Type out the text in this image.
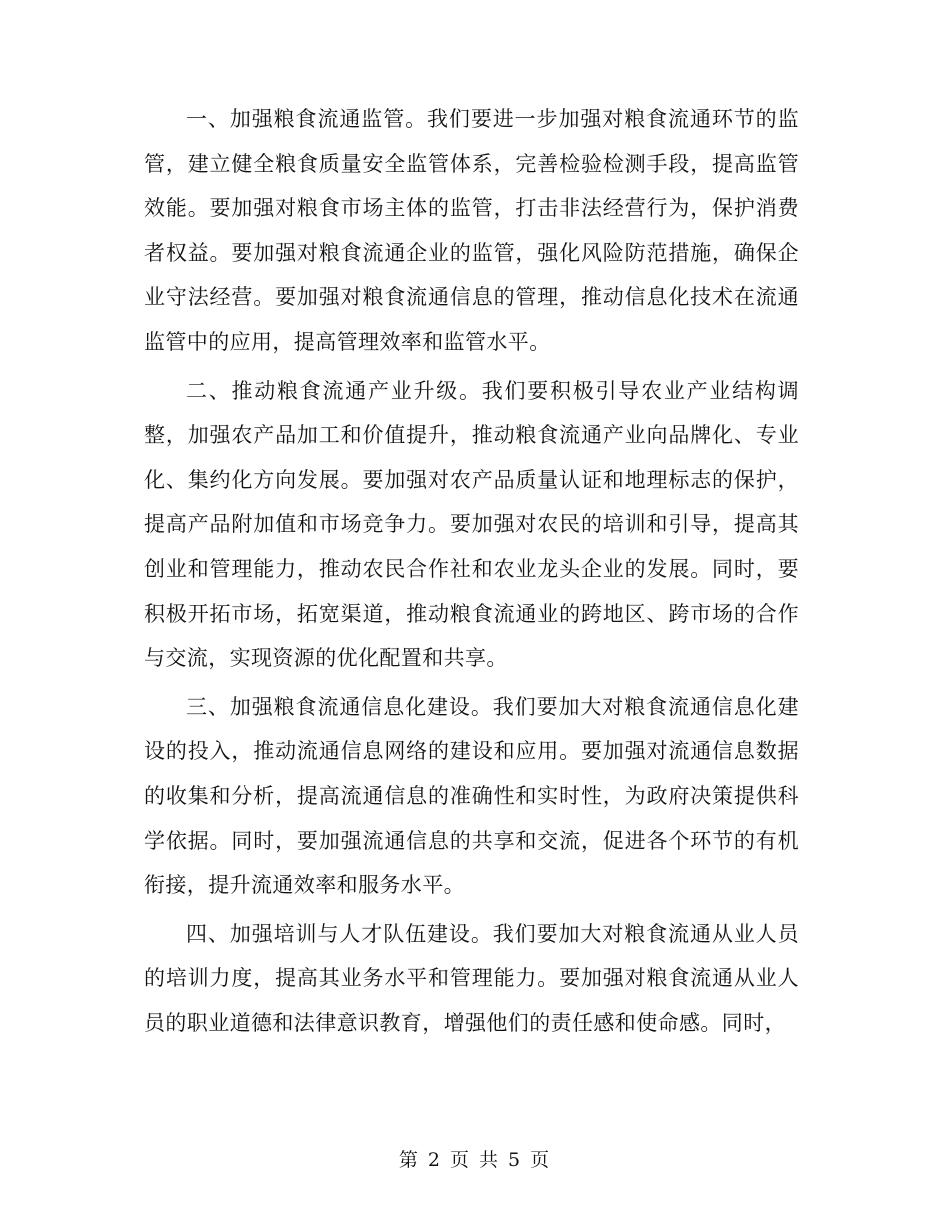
一、加强粮食流通监管。我们要进一步加强对粮食流通环节的监管，建立健全粮食质量安全监管体系，完善检验检测手段，提高监管效能。要加强对粮食市场主体的监管，打击非法经营行为，保护消费者权益。要加强对粮食流通企业的监管，强化风险防范措施，确保企业守法经营。要加强对粮食流通信息的管理，推动信息化技术在流通监管中的应用，提高管理效率和监管水平。

二、推动粮食流通产业升级。我们要积极引导农业产业结构调整，加强农产品加工和价值提升，推动粮食流通产业向品牌化、专业化、集约化方向发展。要加强对农产品质量认证和地理标志的保护，提高产品附加值和市场竞争力。要加强对农民的培训和引导，提高其创业和管理能力，推动农民合作社和农业龙头企业的发展。同时，要积极开拓市场，拓宽渠道，推动粮食流通业的跨地区、跨市场的合作与交流，实现资源的优化配置和共享。

三、加强粮食流通信息化建设。我们要加大对粮食流通信息化建设的投入，推动流通信息网络的建设和应用。要加强对流通信息数据的收集和分析，提高流通信息的准确性和实时性，为政府决策提供科学依据。同时，要加强流通信息的共享和交流，促进各个环节的有机衔接，提升流通效率和服务水平。

四、加强培训与人才队伍建设。我们要加大对粮食流通从业人员的培训力度，提高其业务水平和管理能力。要加强对粮食流通从业人员的职业道德和法律意识教育，增强他们的责任感和使命感。同时，

第 2 页 共 5 页
